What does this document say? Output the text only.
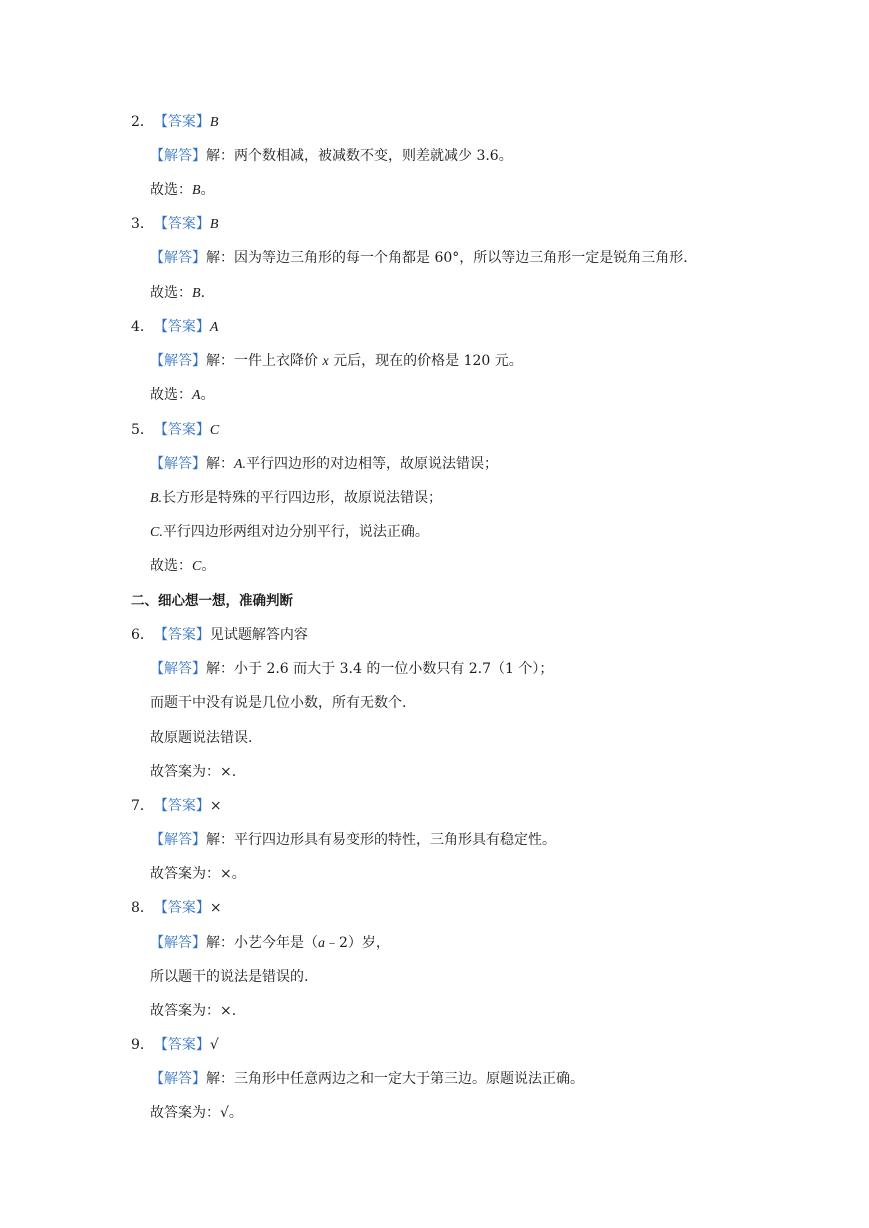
2．【答案】B
【解答】解：两个数相减，被减数不变，则差就减少 3.6。
故选：B。
3．【答案】B
【解答】解：因为等边三角形的每一个角都是 60°，所以等边三角形一定是锐角三角形.
故选：B.
4．【答案】A
【解答】解：一件上衣降价 x 元后，现在的价格是 120 元。
故选：A。
5．【答案】C
【解答】解：A.平行四边形的对边相等，故原说法错误；
B.长方形是特殊的平行四边形，故原说法错误；
C.平行四边形两组对边分别平行，说法正确。
故选：C。
二、细心想一想，准确判断
6．【答案】见试题解答内容
【解答】解：小于 2.6 而大于 3.4 的一位小数只有 2.7（1 个）；
而题干中没有说是几位小数，所有无数个.
故原题说法错误.
故答案为：×.
7．【答案】×
【解答】解：平行四边形具有易变形的特性，三角形具有稳定性。
故答案为：×。
8．【答案】×
【解答】解：小艺今年是（a﹣2）岁，
所以题干的说法是错误的.
故答案为：×.
9．【答案】√
【解答】解：三角形中任意两边之和一定大于第三边。原题说法正确。
故答案为：√。
